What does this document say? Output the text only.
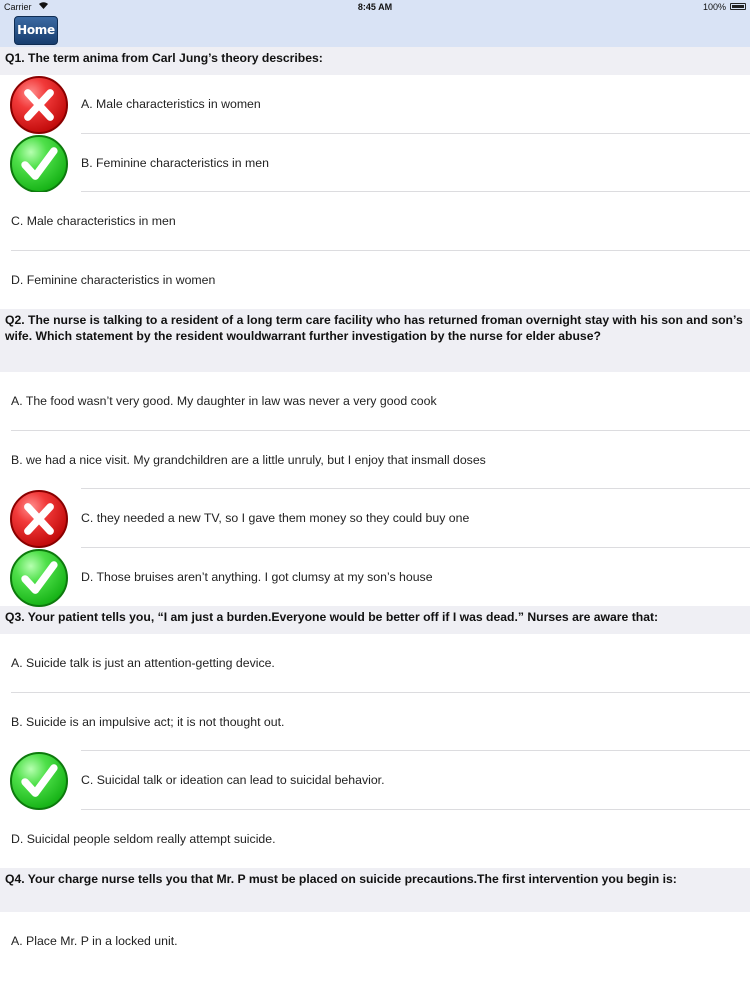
Carrier	8:45 AM	100%
Home
Q1. The term anima from Carl Jung’s theory describes:
A. Male characteristics in women
B. Feminine characteristics in men
C. Male characteristics in men
D. Feminine characteristics in women
Q2. The nurse is talking to a resident of a long term care facility who has returned froman overnight stay with his son and son’s wife. Which statement by the resident wouldwarrant further investigation by the nurse for elder abuse?
A. The food wasn’t very good. My daughter in law was never a very good cook
B. we had a nice visit. My grandchildren are a little unruly, but I enjoy that insmall doses
C. they needed a new TV, so I gave them money so they could buy one
D. Those bruises aren’t anything. I got clumsy at my son’s house
Q3. Your patient tells you, “I am just a burden.Everyone would be better off if I was dead.” Nurses are aware that:
A. Suicide talk is just an attention-getting device.
B. Suicide is an impulsive act; it is not thought out.
C. Suicidal talk or ideation can lead to suicidal behavior.
D. Suicidal people seldom really attempt suicide.
Q4. Your charge nurse tells you that Mr. P must be placed on suicide precautions.The first intervention you begin is:
A. Place Mr. P in a locked unit.
